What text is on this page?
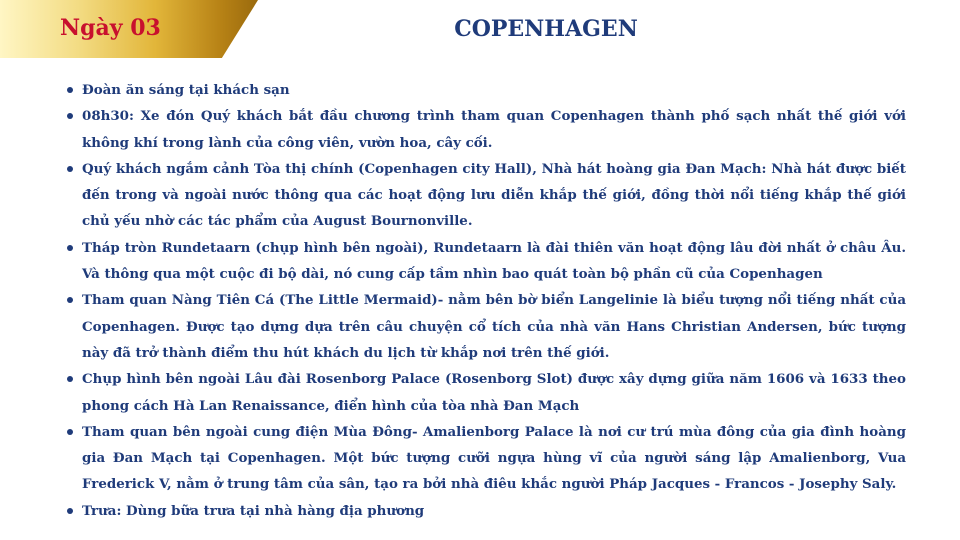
Ngày 03	COPENHAGEN
Đoàn ăn sáng tại khách sạn
08h30: Xe đón Quý khách bắt đầu chương trình tham quan Copenhagen thành phố sạch nhất thế giới với không khí trong lành của công viên, vườn hoa, cây cối.
Quý khách ngắm cảnh Tòa thị chính (Copenhagen city Hall), Nhà hát hoàng gia Đan Mạch: Nhà hát được biết đến trong và ngoài nước thông qua các hoạt động lưu diễn khắp thế giới, đồng thời nổi tiếng khắp thế giới chủ yếu nhờ các tác phẩm của August Bournonville.
Tháp tròn Rundetaarn (chụp hình bên ngoài), Rundetaarn là đài thiên văn hoạt động lâu đời nhất ở châu Âu. Và thông qua một cuộc đi bộ dài, nó cung cấp tầm nhìn bao quát toàn bộ phần cũ của Copenhagen
Tham quan Nàng Tiên Cá (The Little Mermaid)- nằm bên bờ biển Langelinie là biểu tượng nổi tiếng nhất của Copenhagen. Được tạo dựng dựa trên câu chuyện cổ tích của nhà văn Hans Christian Andersen, bức tượng này đã trở thành điểm thu hút khách du lịch từ khắp nơi trên thế giới.
Chụp hình bên ngoài Lâu đài Rosenborg Palace (Rosenborg Slot) được xây dựng giữa năm 1606 và 1633 theo phong cách Hà Lan Renaissance, điển hình của tòa nhà Đan Mạch
Tham quan bên ngoài cung điện Mùa Đông- Amalienborg Palace là nơi cư trú mùa đông của gia đình hoàng gia Đan Mạch tại Copenhagen. Một bức tượng cưỡi ngựa hùng vĩ của người sáng lập Amalienborg, Vua Frederick V, nằm ở trung tâm của sân, tạo ra bởi nhà điêu khắc người Pháp Jacques - Francos - Josephy Saly.
Trưa: Dùng bữa trưa tại nhà hàng địa phương
